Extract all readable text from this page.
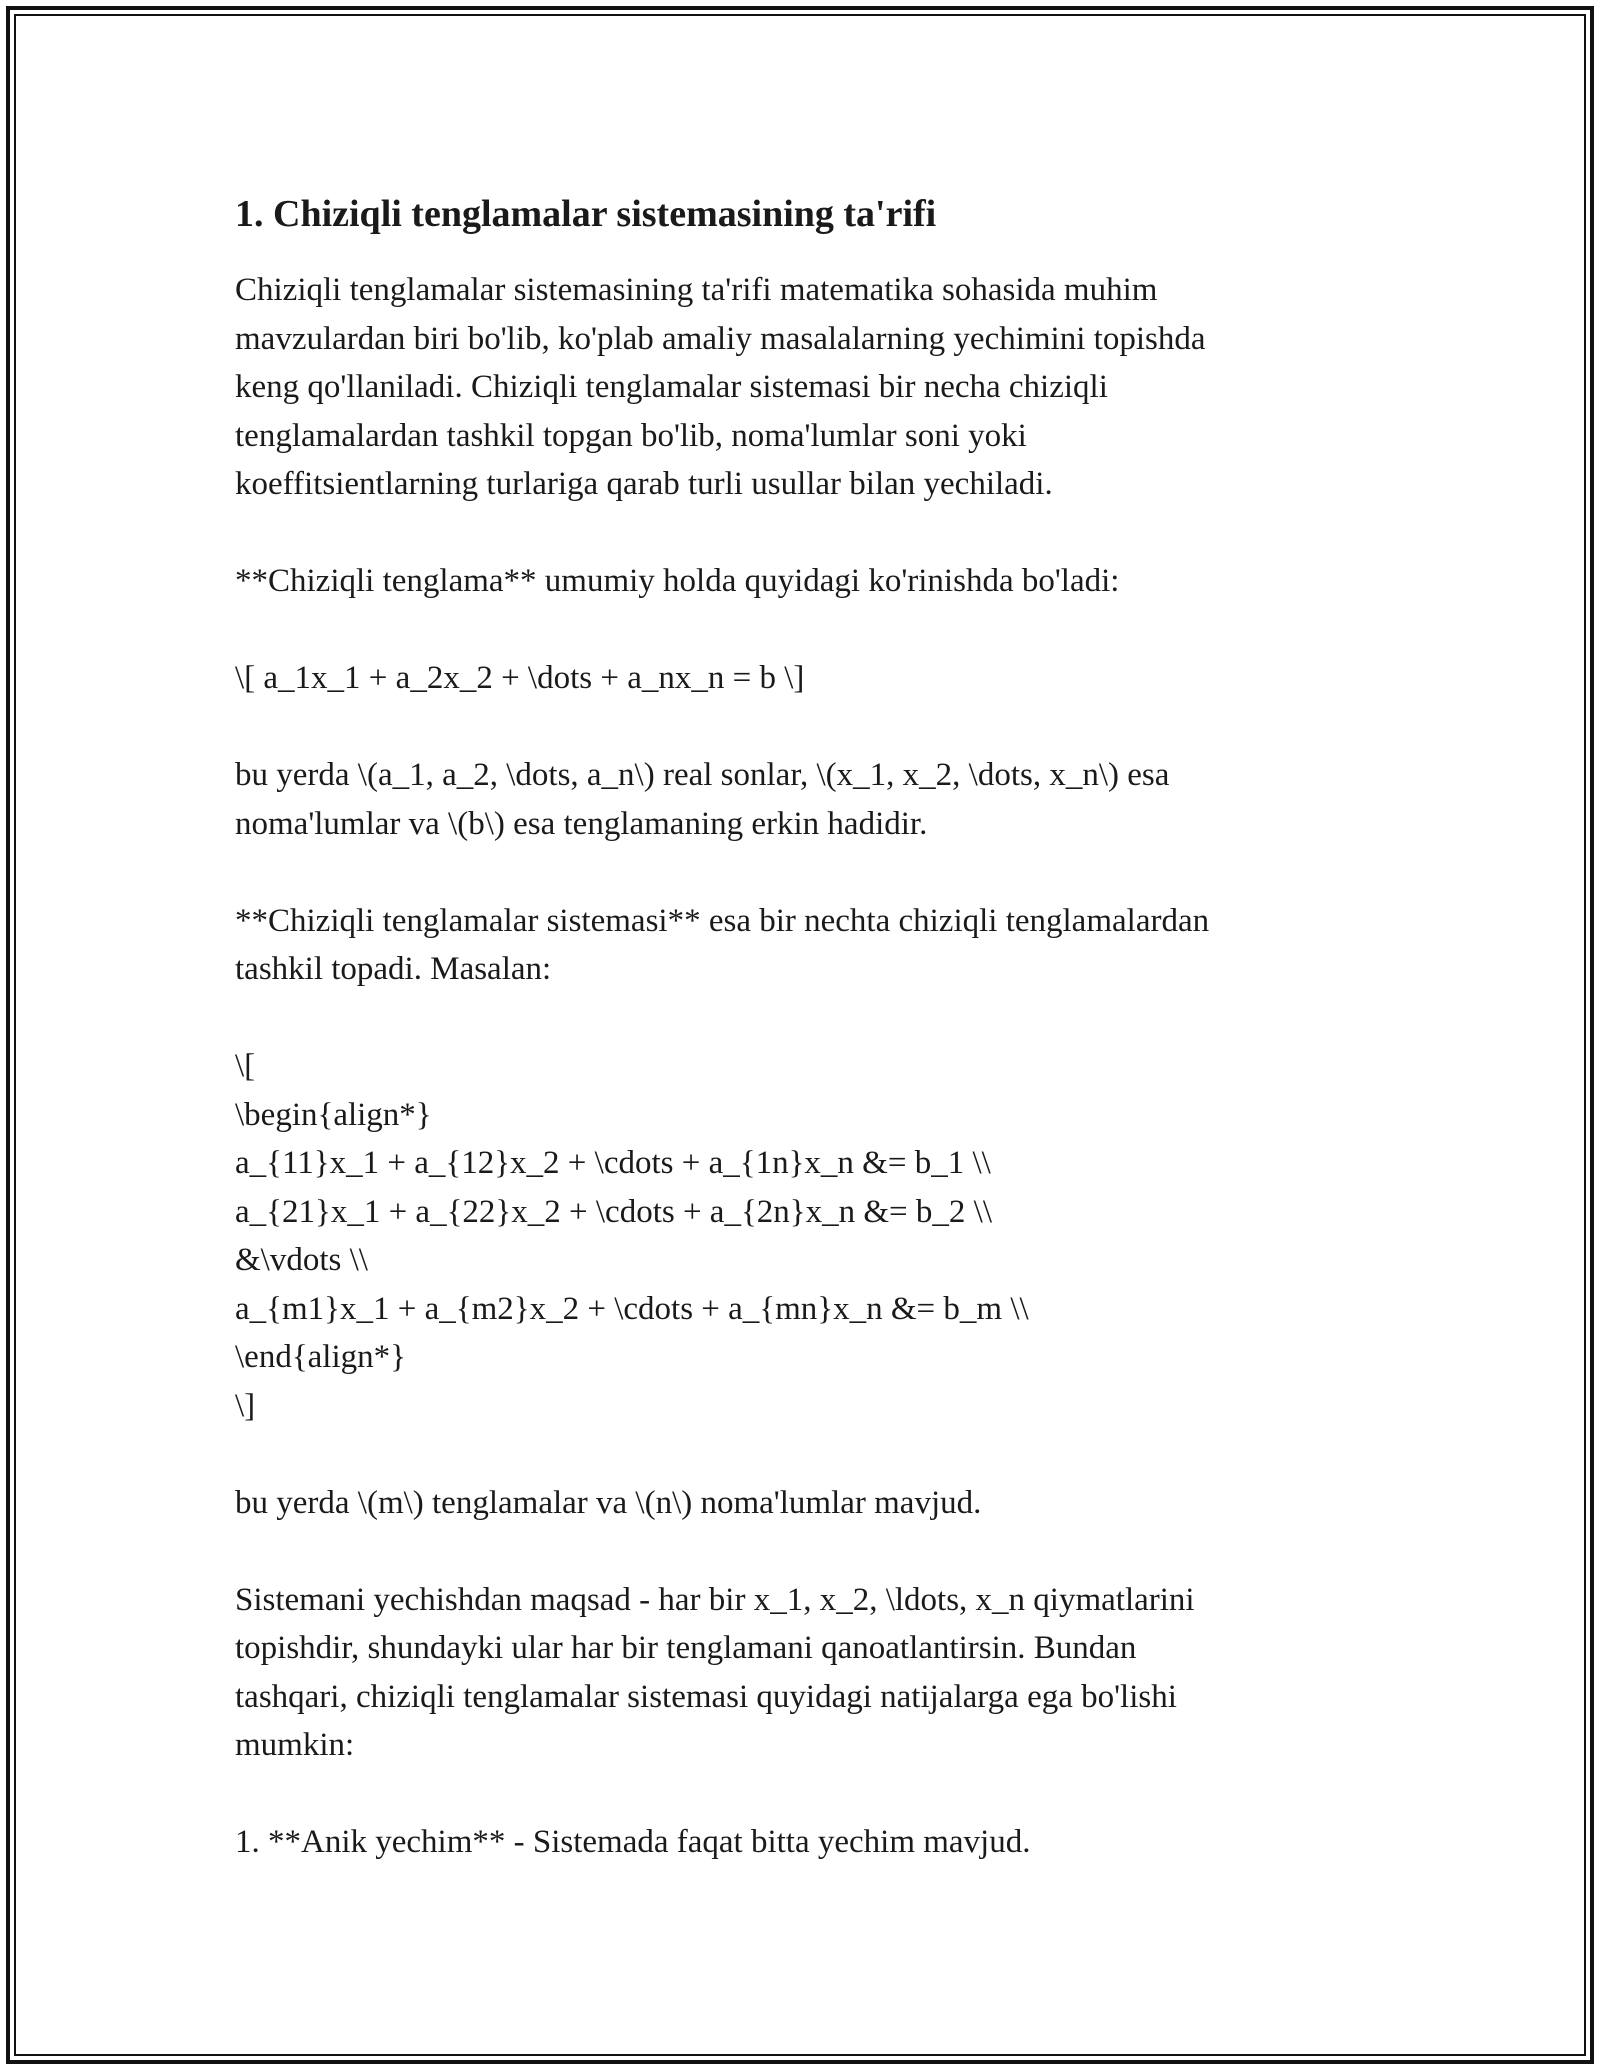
1. Chiziqli tenglamalar sistemasining ta'rifi

Chiziqli tenglamalar sistemasining ta'rifi matematika sohasida muhim
mavzulardan biri bo'lib, ko'plab amaliy masalalarning yechimini topishda
keng qo'llaniladi. Chiziqli tenglamalar sistemasi bir necha chiziqli
tenglamalardan tashkil topgan bo'lib, noma'lumlar soni yoki
koeffitsientlarning turlariga qarab turli usullar bilan yechiladi.

**Chiziqli tenglama** umumiy holda quyidagi ko'rinishda bo'ladi:

\[ a_1x_1 + a_2x_2 + \dots + a_nx_n = b \]

bu yerda \(a_1, a_2, \dots, a_n\) real sonlar, \(x_1, x_2, \dots, x_n\) esa
noma'lumlar va \(b\) esa tenglamaning erkin hadidir.

**Chiziqli tenglamalar sistemasi** esa bir nechta chiziqli tenglamalardan
tashkil topadi. Masalan:

\[
\begin{align*}
a_{11}x_1 + a_{12}x_2 + \cdots + a_{1n}x_n &= b_1 \\
a_{21}x_1 + a_{22}x_2 + \cdots + a_{2n}x_n &= b_2 \\
&\vdots \\
a_{m1}x_1 + a_{m2}x_2 + \cdots + a_{mn}x_n &= b_m \\
\end{align*}
\]

bu yerda \(m\) tenglamalar va \(n\) noma'lumlar mavjud.

Sistemani yechishdan maqsad - har bir x_1, x_2, \ldots, x_n qiymatlarini
topishdir, shundayki ular har bir tenglamani qanoatlantirsin. Bundan
tashqari, chiziqli tenglamalar sistemasi quyidagi natijalarga ega bo'lishi
mumkin:

1. **Anik yechim** - Sistemada faqat bitta yechim mavjud.
